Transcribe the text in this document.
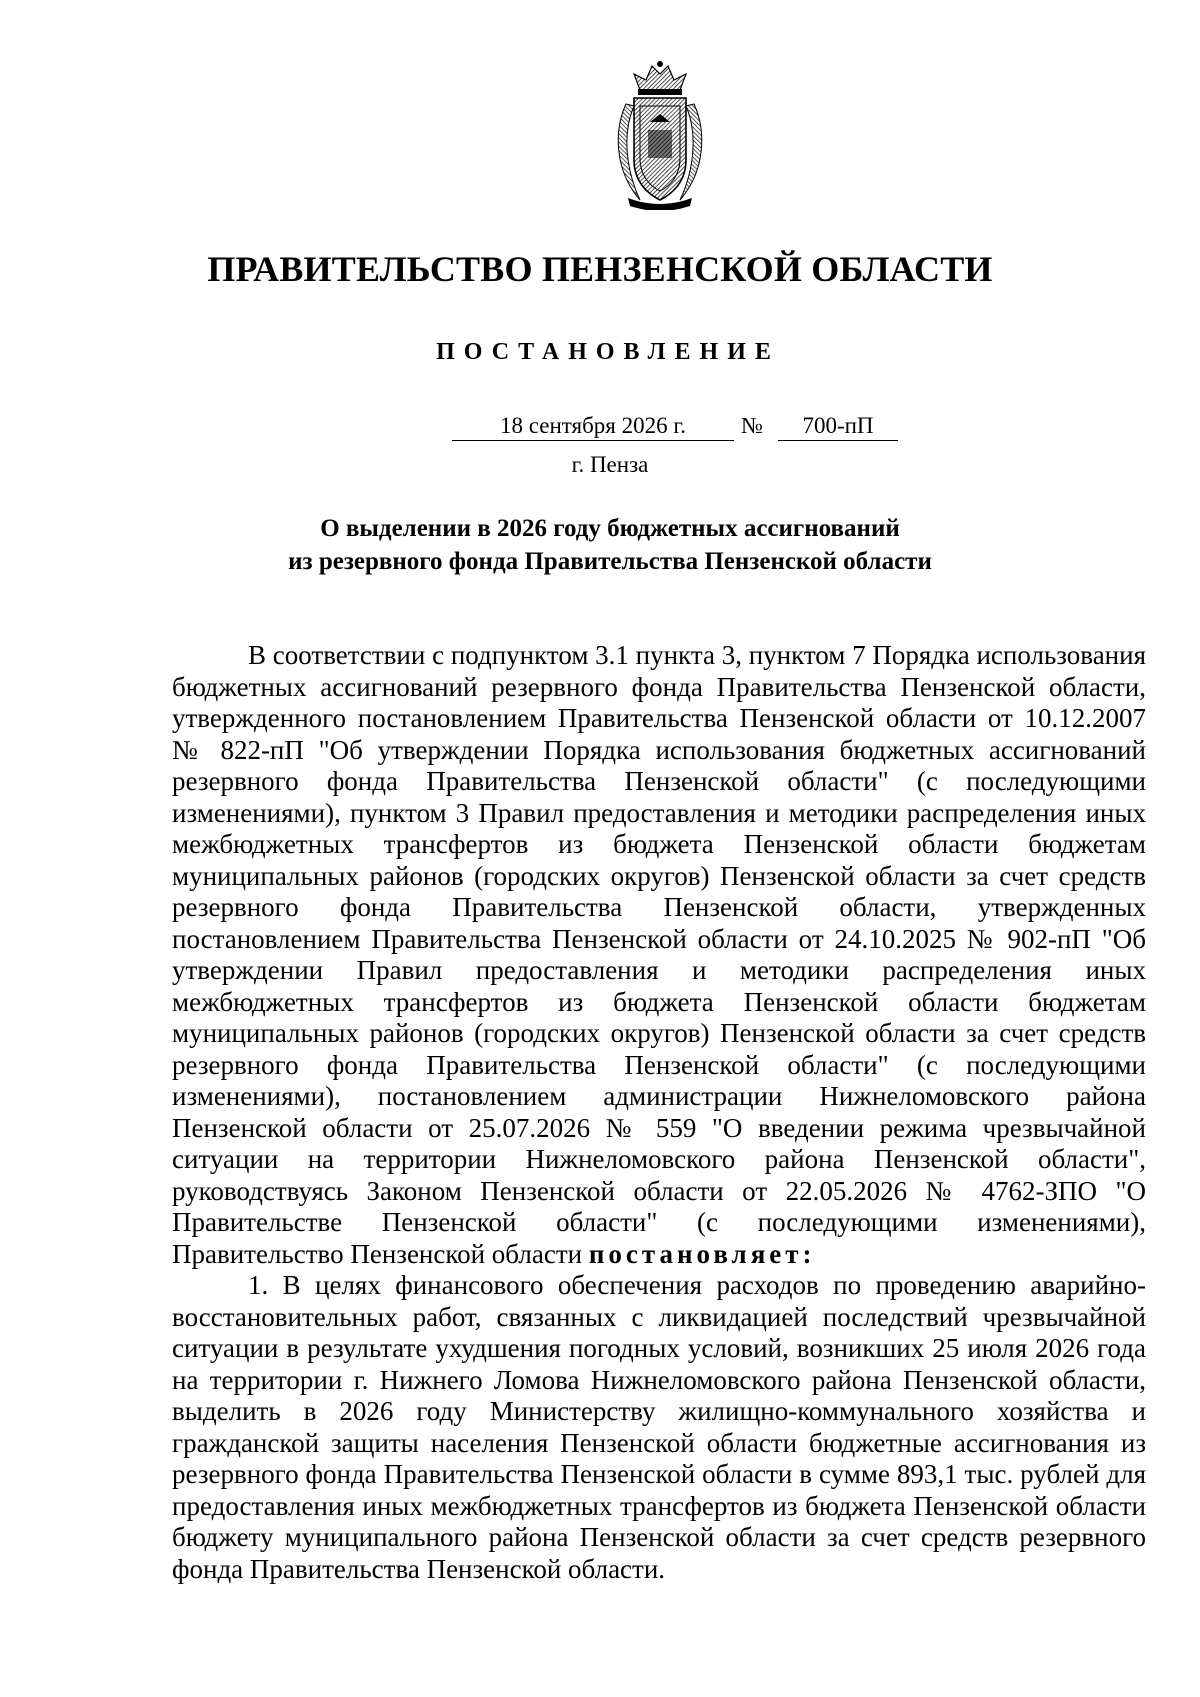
ПРАВИТЕЛЬСТВО ПЕНЗЕНСКОЙ ОБЛАСТИ
ПОСТАНОВЛЕНИЕ
18 сентября 2026 г.	№	700-пП
г. Пенза
О выделении в 2026 году бюджетных ассигнований
из резервного фонда Правительства Пензенской области

В соответствии с подпунктом 3.1 пункта 3, пунктом 7 Порядка использования бюджетных ассигнований резервного фонда Правительства Пензенской области, утвержденного постановлением Правительства Пензенской области от 10.12.2007 № 822-пП "Об утверждении Порядка использования бюджетных ассигнований резервного фонда Правительства Пензенской области" (с последующими изменениями), пунктом 3 Правил предоставления и методики распределения иных межбюджетных трансфертов из бюджета Пензенской области бюджетам муниципальных районов (городских округов) Пензенской области за счет средств резервного фонда Правительства Пензенской области, утвержденных постановлением Правительства Пензенской области от 24.10.2025 № 902-пП "Об утверждении Правил предоставления и методики распределения иных межбюджетных трансфертов из бюджета Пензенской области бюджетам муниципальных районов (городских округов) Пензенской области за счет средств резервного фонда Правительства Пензенской области" (с последующими изменениями), постановлением администрации Нижнеломовского района Пензенской области от 25.07.2026 № 559 "О введении режима чрезвычайной ситуации на территории Нижнеломовского района Пензенской области", руководствуясь Законом Пензенской области от 22.05.2026 № 4762-ЗПО "О Правительстве Пензенской области" (с последующими изменениями), Правительство Пензенской области постановляет:

1. В целях финансового обеспечения расходов по проведению аварийно-восстановительных работ, связанных с ликвидацией последствий чрезвычайной ситуации в результате ухудшения погодных условий, возникших 25 июля 2026 года на территории г. Нижнего Ломова Нижнеломовского района Пензенской области, выделить в 2026 году Министерству жилищно-коммунального хозяйства и гражданской защиты населения Пензенской области бюджетные ассигнования из резервного фонда Правительства Пензенской области в сумме 893,1 тыс. рублей для предоставления иных межбюджетных трансфертов из бюджета Пензенской области бюджету муниципального района Пензенской области за счет средств резервного фонда Правительства Пензенской области.
